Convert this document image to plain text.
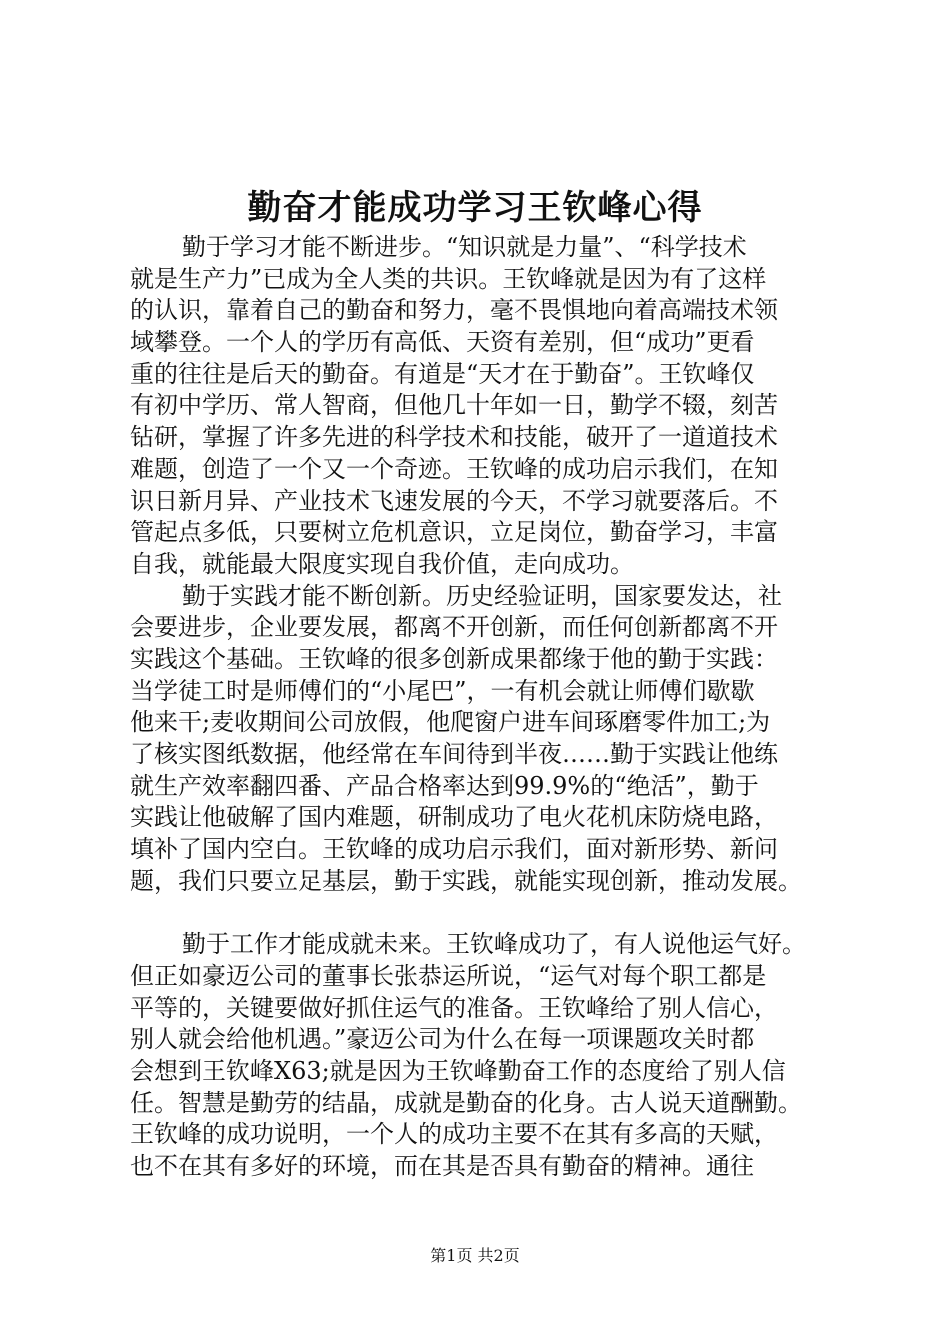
勤奋才能成功学习王钦峰心得
勤于学习才能不断进步。“知识就是力量”、“科学技术
就是生产力”已成为全人类的共识。王钦峰就是因为有了这样
的认识，靠着自己的勤奋和努力，毫不畏惧地向着高端技术领
域攀登。一个人的学历有高低、天资有差别，但“成功”更看
重的往往是后天的勤奋。有道是“天才在于勤奋”。王钦峰仅
有初中学历、常人智商，但他几十年如一日，勤学不辍，刻苦
钻研，掌握了许多先进的科学技术和技能，破开了一道道技术
难题，创造了一个又一个奇迹。王钦峰的成功启示我们，在知
识日新月异、产业技术飞速发展的今天，不学习就要落后。不
管起点多低，只要树立危机意识，立足岗位，勤奋学习，丰富
自我，就能最大限度实现自我价值，走向成功。
勤于实践才能不断创新。历史经验证明，国家要发达，社
会要进步，企业要发展，都离不开创新，而任何创新都离不开
实践这个基础。王钦峰的很多创新成果都缘于他的勤于实践：
当学徒工时是师傅们的“小尾巴”，一有机会就让师傅们歇歇
他来干;麦收期间公司放假，他爬窗户进车间琢磨零件加工;为
了核实图纸数据，他经常在车间待到半夜……勤于实践让他练
就生产效率翻四番、产品合格率达到99.9%的“绝活”，勤于
实践让他破解了国内难题，研制成功了电火花机床防烧电路，
填补了国内空白。王钦峰的成功启示我们，面对新形势、新问
题，我们只要立足基层，勤于实践，就能实现创新，推动发展。
勤于工作才能成就未来。王钦峰成功了，有人说他运气好。
但正如豪迈公司的董事长张恭运所说，“运气对每个职工都是
平等的，关键要做好抓住运气的准备。王钦峰给了别人信心，
别人就会给他机遇。”豪迈公司为什么在每一项课题攻关时都
会想到王钦峰X63;就是因为王钦峰勤奋工作的态度给了别人信
任。智慧是勤劳的结晶，成就是勤奋的化身。古人说天道酬勤。
王钦峰的成功说明，一个人的成功主要不在其有多高的天赋，
也不在其有多好的环境，而在其是否具有勤奋的精神。通往
第1页 共2页
